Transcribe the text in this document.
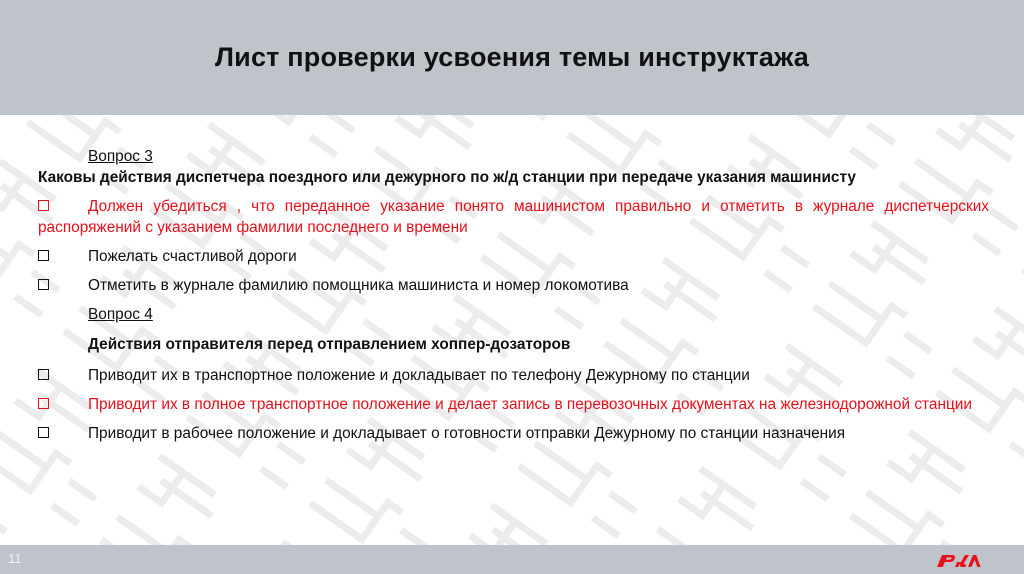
Лист проверки усвоения темы инструктажа
Вопрос 3
Каковы действия диспетчера поездного или дежурного по ж/д станции при передаче указания машинисту
Должен убедиться , что переданное указание понято машинистом правильно и отметить в журнале диспетчерских распоряжений с указанием фамилии последнего и времени
Пожелать счастливой дороги
Отметить в журнале фамилию помощника машиниста и номер локомотива
Вопрос 4
Действия отправителя перед отправлением хоппер-дозаторов
Приводит их в транспортное положение и докладывает по телефону Дежурному по станции
Приводит их в полное транспортное положение и делает запись в перевозочных документах на железнодорожной станции
Приводит в рабочее положение и докладывает о готовности отправки Дежурному по станции назначения
11
